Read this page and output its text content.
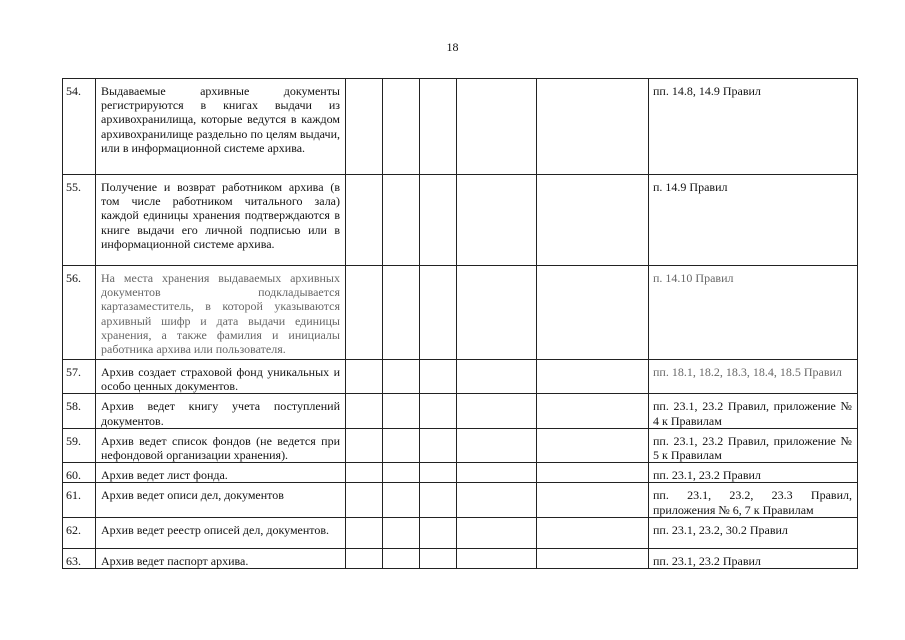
18
54.	Выдаваемые архивные документы регистрируются в книгах выдачи из архивохранилища, которые ведутся в каждом архивохранилище раздельно по целям выдачи, или в информационной системе архива.						пп. 14.8, 14.9 Правил
55.	Получение и возврат работником архива (в том числе работником читального зала) каждой единицы хранения подтверждаются в книге выдачи его личной подписью или в информационной системе архива.						п. 14.9 Правил
56.	На места хранения выдаваемых архивных документов подкладывается картазаместитель, в которой указываются архивный шифр и дата выдачи единицы хранения, а также фамилия и инициалы работника архива или пользователя.						п. 14.10 Правил
57.	Архив создает страховой фонд уникальных и особо ценных документов.						пп. 18.1, 18.2, 18.3, 18.4, 18.5 Правил
58.	Архив ведет книгу учета поступлений документов.						пп. 23.1, 23.2 Правил, приложение № 4 к Правилам
59.	Архив ведет список фондов (не ведется при нефондовой организации хранения).						пп. 23.1, 23.2 Правил, приложение № 5 к Правилам
60.	Архив ведет лист фонда.						пп. 23.1, 23.2 Правил
61.	Архив ведет описи дел, документов						пп. 23.1, 23.2, 23.3 Правил, приложения № 6, 7 к Правилам
62.	Архив ведет реестр описей дел, документов.						пп. 23.1, 23.2, 30.2 Правил
63.	Архив ведет паспорт архива.						пп. 23.1, 23.2 Правил
